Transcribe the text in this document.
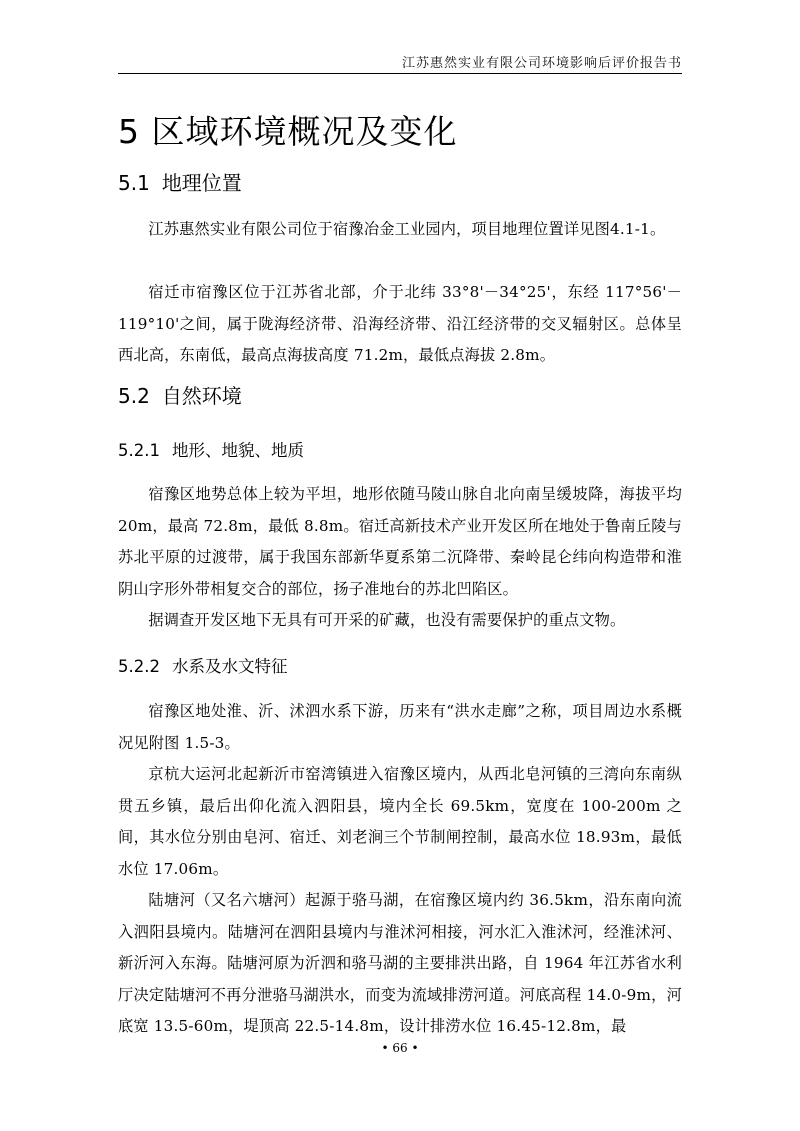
江苏惠然实业有限公司环境影响后评价报告书
5 区域环境概况及变化
5.1 地理位置

江苏惠然实业有限公司位于宿豫冶金工业园内，项目地理位置详见图4.1-1。

宿迁市宿豫区位于江苏省北部，介于北纬 33°8'－34°25'，东经 117°56'－119°10'之间，属于陇海经济带、沿海经济带、沿江经济带的交叉辐射区。总体呈西北高，东南低，最高点海拔高度 71.2m，最低点海拔 2.8m。

5.2 自然环境
5.2.1 地形、地貌、地质

宿豫区地势总体上较为平坦，地形依随马陵山脉自北向南呈缓坡降，海拔平均 20m，最高 72.8m，最低 8.8m。宿迁高新技术产业开发区所在地处于鲁南丘陵与苏北平原的过渡带，属于我国东部新华夏系第二沉降带、秦岭昆仑纬向构造带和淮阴山字形外带相复交合的部位，扬子准地台的苏北凹陷区。

据调查开发区地下无具有可开采的矿藏，也没有需要保护的重点文物。

5.2.2 水系及水文特征

宿豫区地处淮、沂、沭泗水系下游，历来有“洪水走廊”之称，项目周边水系概况见附图 1.5-3。

京杭大运河北起新沂市窑湾镇进入宿豫区境内，从西北皂河镇的三湾向东南纵贯五乡镇，最后出仰化流入泗阳县，境内全长 69.5km，宽度在 100-200m 之间，其水位分别由皂河、宿迁、刘老涧三个节制闸控制，最高水位 18.93m，最低水位 17.06m。

陆塘河（又名六塘河）起源于骆马湖，在宿豫区境内约 36.5km，沿东南向流入泗阳县境内。陆塘河在泗阳县境内与淮沭河相接，河水汇入淮沭河，经淮沭河、新沂河入东海。陆塘河原为沂泗和骆马湖的主要排洪出路，自 1964 年江苏省水利厅决定陆塘河不再分泄骆马湖洪水，而变为流域排涝河道。河底高程 14.0-9m，河底宽 13.5-60m，堤顶高 22.5-14.8m，设计排涝水位 16.45-12.8m，最

• 66 •
